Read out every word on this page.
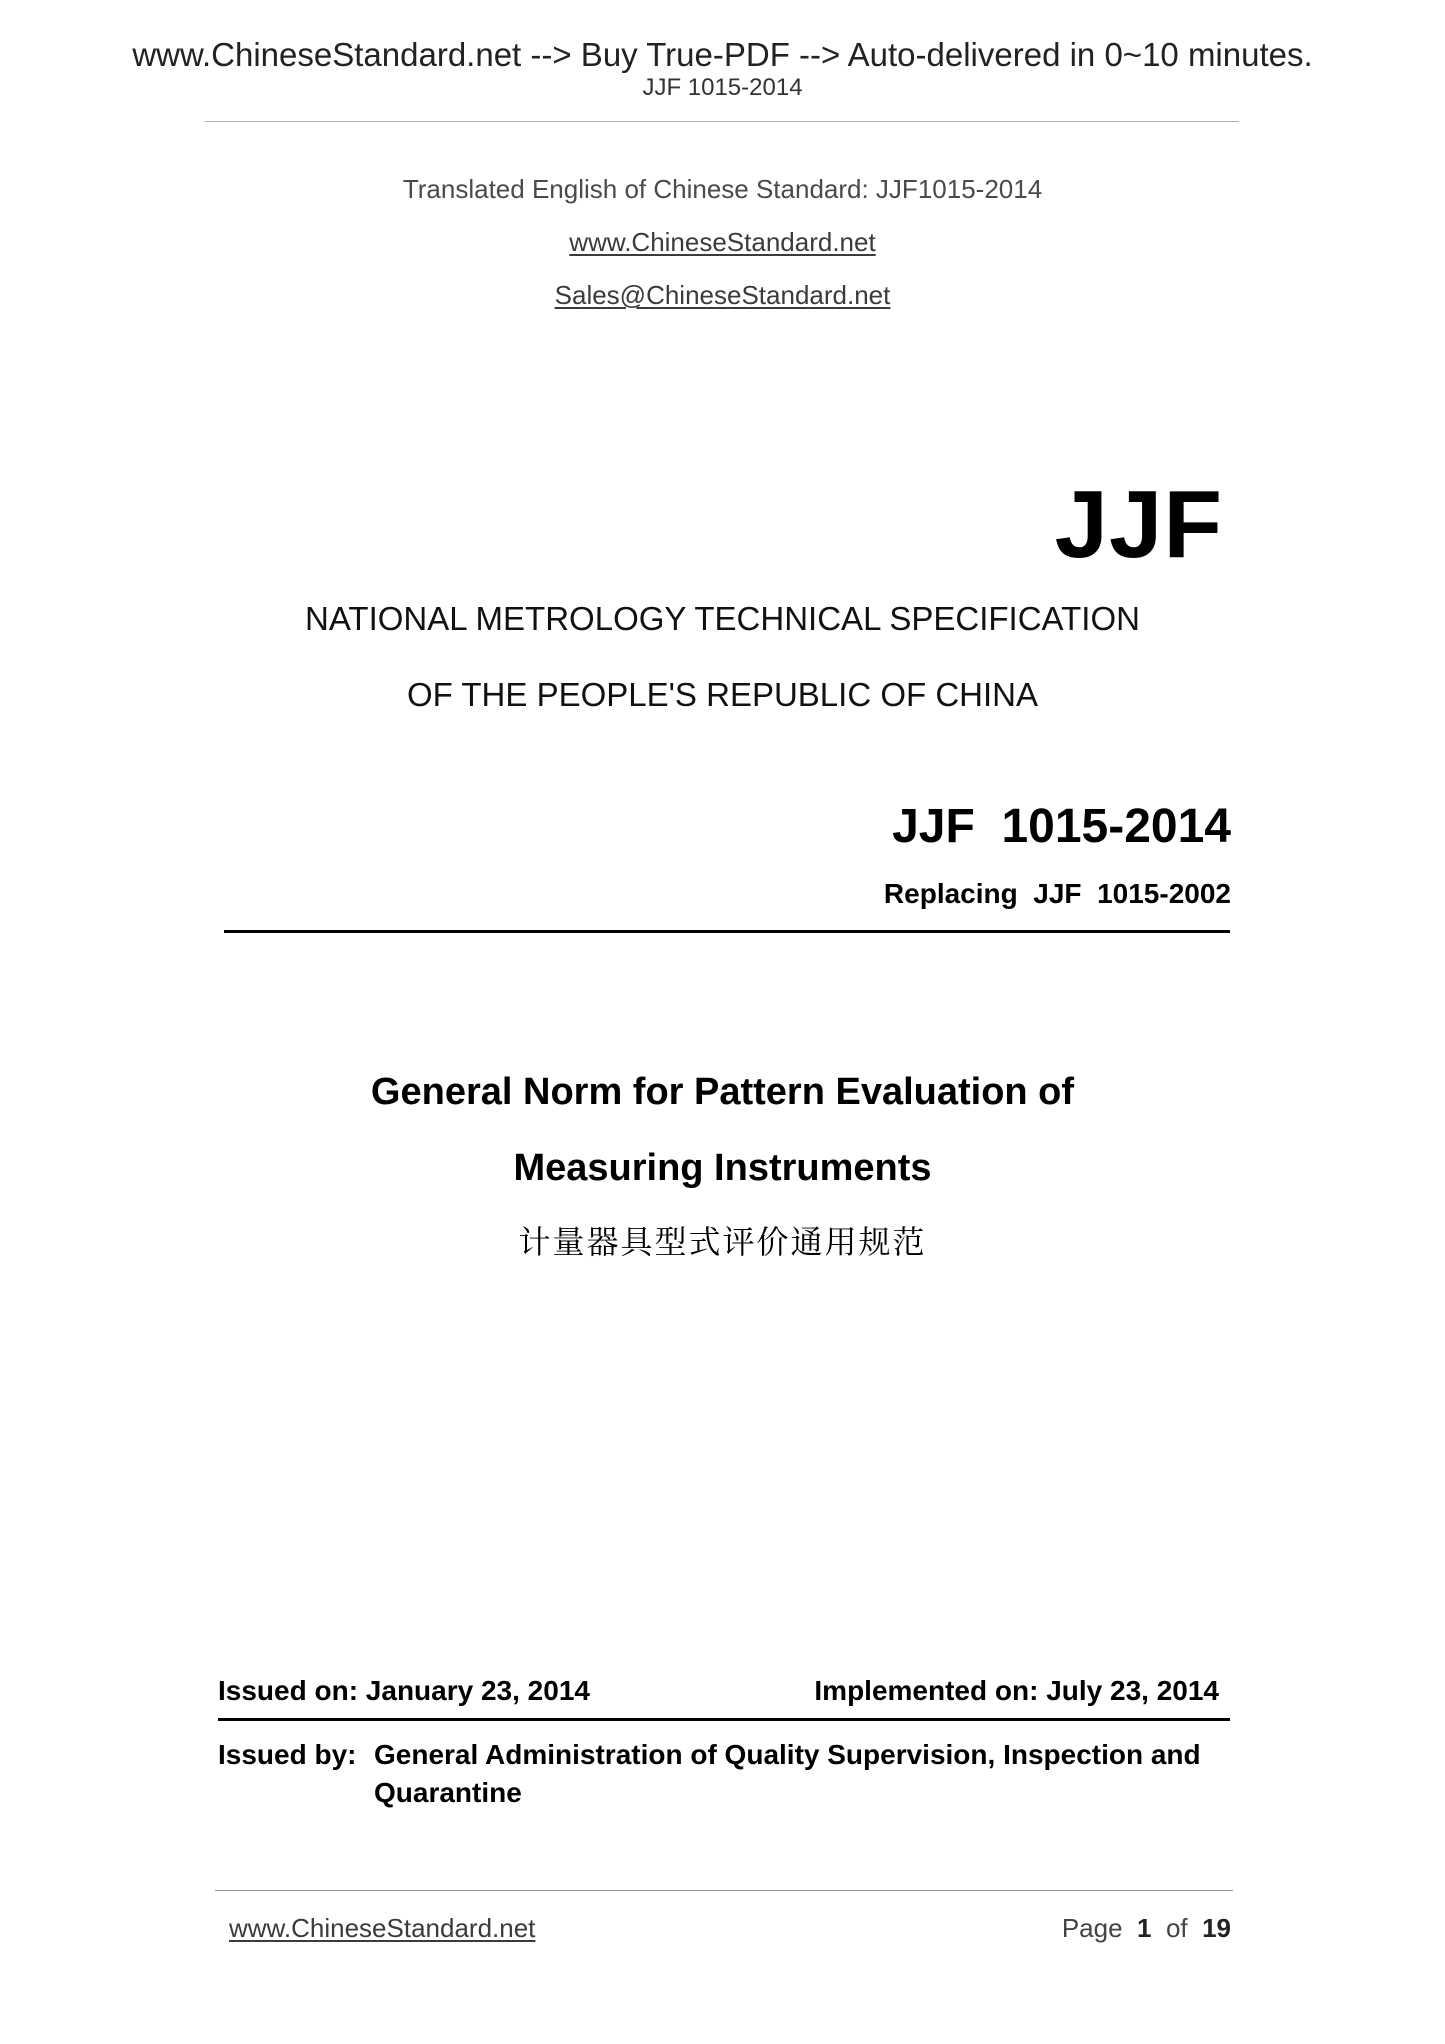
www.ChineseStandard.net --> Buy True-PDF --> Auto-delivered in 0~10 minutes.
JJF 1015-2014
Translated English of Chinese Standard: JJF1015-2014
www.ChineseStandard.net
Sales@ChineseStandard.net
JJF
NATIONAL METROLOGY TECHNICAL SPECIFICATION
OF THE PEOPLE'S REPUBLIC OF CHINA
JJF  1015-2014
Replacing  JJF  1015-2002
General Norm for Pattern Evaluation of
Measuring Instruments
计量器具型式评价通用规范
Issued on: January 23, 2014	Implemented on: July 23, 2014
Issued by: General Administration of Quality Supervision, Inspection and Quarantine
www.ChineseStandard.net	Page 1 of 19
